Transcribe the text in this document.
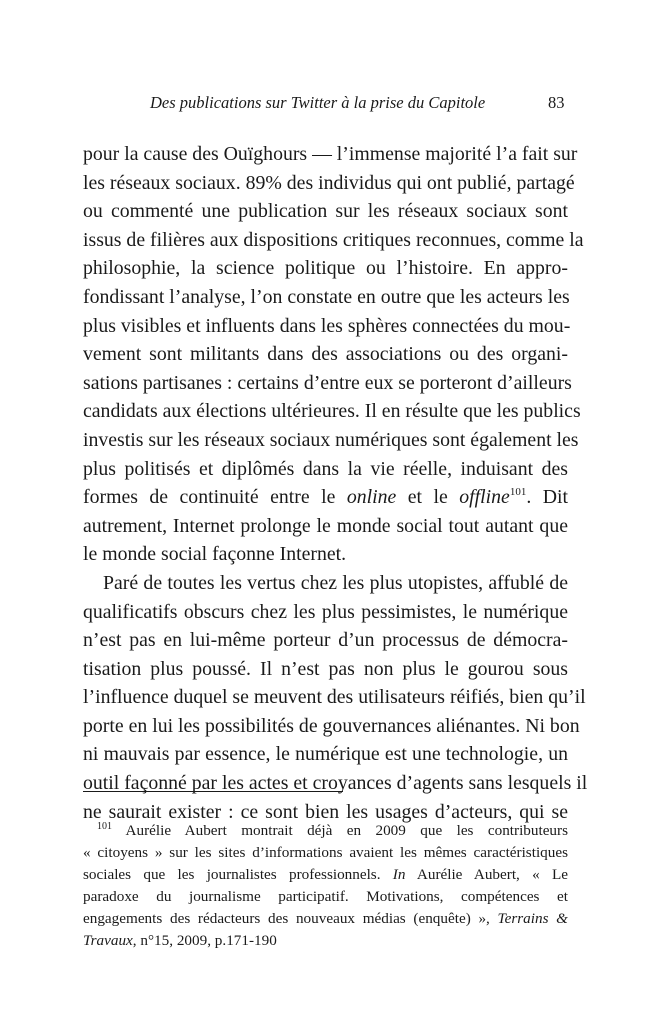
Des publications sur Twitter à la prise du Capitole	83
pour la cause des Ouïghours — l’immense majorité l’a fait sur
les réseaux sociaux. 89% des individus qui ont publié, partagé
ou commenté une publication sur les réseaux sociaux sont
issus de filières aux dispositions critiques reconnues, comme la
philosophie, la science politique ou l’histoire. En appro-
fondissant l’analyse, l’on constate en outre que les acteurs les
plus visibles et influents dans les sphères connectées du mou-
vement sont militants dans des associations ou des organi-
sations partisanes : certains d’entre eux se porteront d’ailleurs
candidats aux élections ultérieures. Il en résulte que les publics
investis sur les réseaux sociaux numériques sont également les
plus politisés et diplômés dans la vie réelle, induisant des
formes de continuité entre le online et le offline$^{101}$. Dit
autrement, Internet prolonge le monde social tout autant que
le monde social façonne Internet.
Paré de toutes les vertus chez les plus utopistes, affublé de
qualificatifs obscurs chez les plus pessimistes, le numérique
n’est pas en lui-même porteur d’un processus de démocra-
tisation plus poussé. Il n’est pas non plus le gourou sous
l’influence duquel se meuvent des utilisateurs réifiés, bien qu’il
porte en lui les possibilités de gouvernances aliénantes. Ni bon
ni mauvais par essence, le numérique est une technologie, un
outil façonné par les actes et croyances d’agents sans lesquels il
ne saurait exister : ce sont bien les usages d’acteurs, qui se
$^{101}$ Aurélie Aubert montrait déjà en 2009 que les contributeurs
« citoyens » sur les sites d’informations avaient les mêmes caractéristiques
sociales que les journalistes professionnels. In Aurélie Aubert, « Le
paradoxe du journalisme participatif. Motivations, compétences et
engagements des rédacteurs des nouveaux médias (enquête) », Terrains &
Travaux, n°15, 2009, p.171-190
